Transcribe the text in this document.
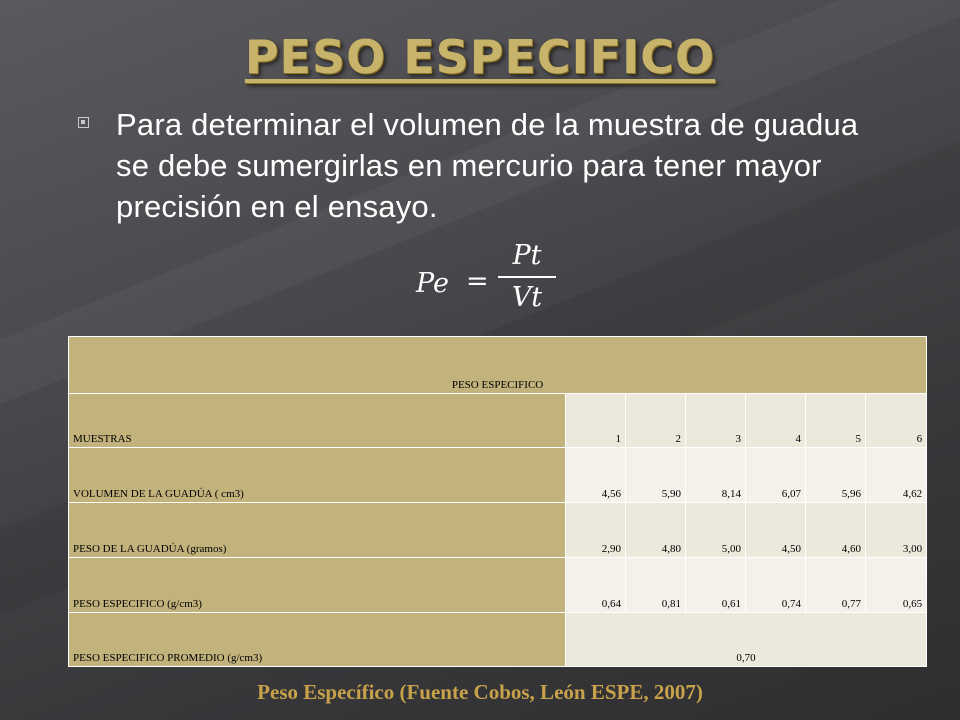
PESO ESPECIFICO
Para determinar el volumen de la muestra de guadua se debe sumergirlas en mercurio para tener mayor precisión en el ensayo.
Pe =
Pt
Vt
PESO ESPECIFICO						
MUESTRAS	1	2	3	4	5	6
VOLUMEN DE LA GUADÚA ( cm3)	4,56	5,90	8,14	6,07	5,96	4,62
PESO DE LA GUADÚA (gramos)	2,90	4,80	5,00	4,50	4,60	3,00
PESO ESPECIFICO (g/cm3)	0,64	0,81	0,61	0,74	0,77	0,65
PESO ESPECIFICO PROMEDIO (g/cm3)	0,70					
Peso Específico (Fuente Cobos, León ESPE, 2007)
